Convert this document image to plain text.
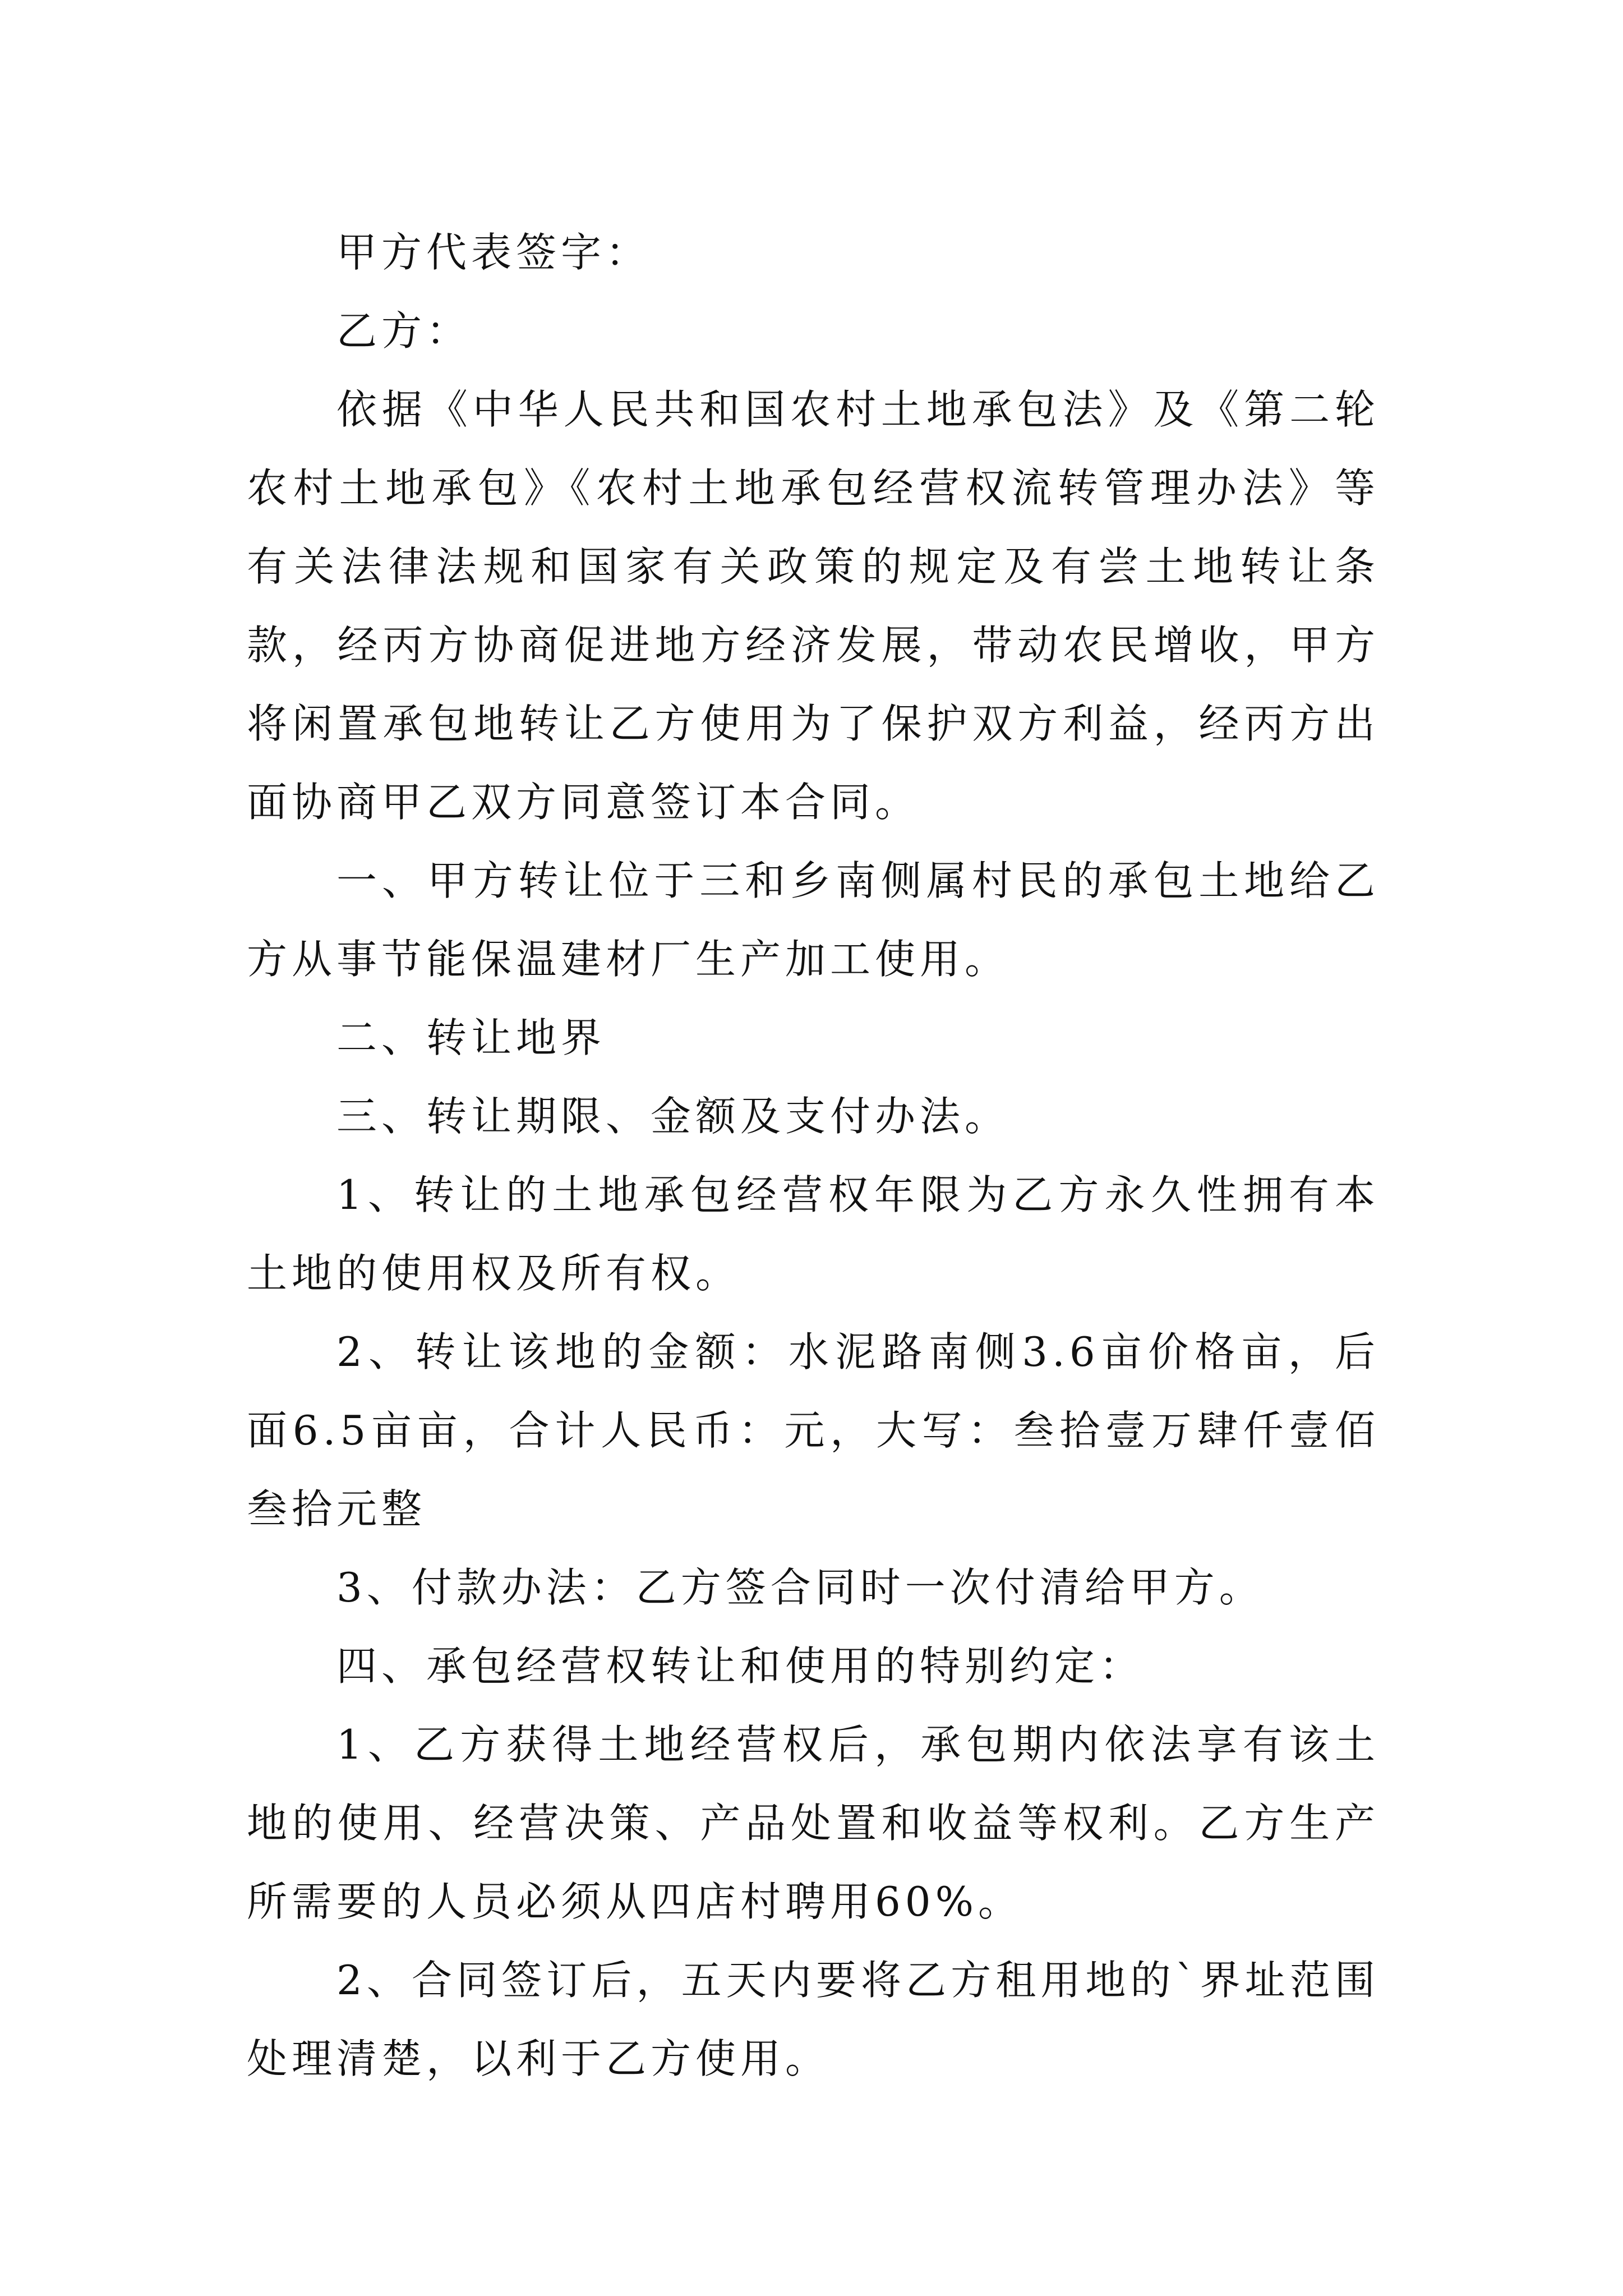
甲方代表签字：

乙方：

依据《中华人民共和国农村土地承包法》及《第二轮农村土地承包》《农村土地承包经营权流转管理办法》等有关法律法规和国家有关政策的规定及有尝土地转让条款，经丙方协商促进地方经济发展，带动农民增收，甲方将闲置承包地转让乙方使用为了保护双方利益，经丙方出面协商甲乙双方同意签订本合同。

一、甲方转让位于三和乡南侧属村民的承包土地给乙方从事节能保温建材厂生产加工使用。

二、转让地界

三、转让期限、金额及支付办法。

1、转让的土地承包经营权年限为乙方永久性拥有本土地的使用权及所有权。

2、转让该地的金额：水泥路南侧3.6亩价格亩，后面6.5亩亩，合计人民币：元，大写：叁拾壹万肆仟壹佰叁拾元整

3、付款办法：乙方签合同时一次付清给甲方。

四、承包经营权转让和使用的特别约定：

1、乙方获得土地经营权后，承包期内依法享有该土地的使用、经营决策、产品处置和收益等权利。乙方生产所需要的人员必须从四店村聘用60%。

2、合同签订后，五天内要将乙方租用地的`界址范围处理清楚，以利于乙方使用。
